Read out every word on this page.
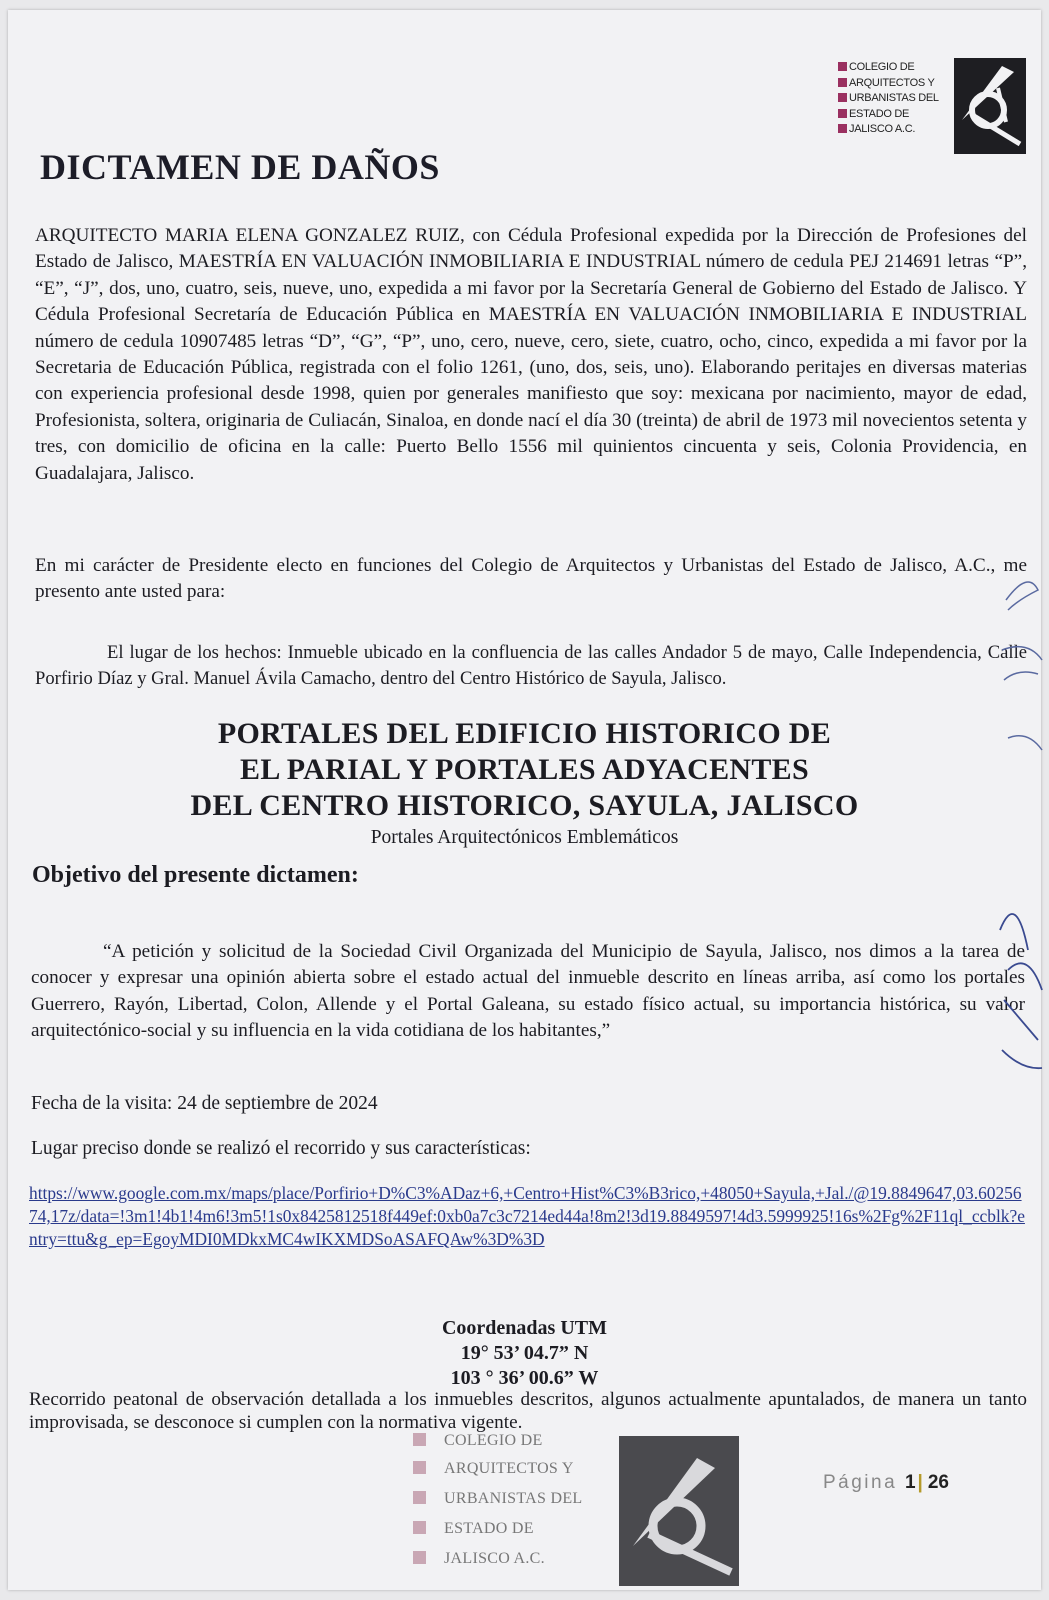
COLEGIO DE
ARQUITECTOS Y
URBANISTAS DEL
ESTADO DE
JALISCO A.C.
DICTAMEN DE DAÑOS

ARQUITECTO MARIA ELENA GONZALEZ RUIZ, con Cédula Profesional expedida por la Dirección de Profesiones del Estado de Jalisco, MAESTRÍA EN VALUACIÓN INMOBILIARIA E INDUSTRIAL número de cedula PEJ 214691 letras “P”, “E”, “J”, dos, uno, cuatro, seis, nueve, uno, expedida a mi favor por la Secretaría General de Gobierno del Estado de Jalisco. Y Cédula Profesional Secretaría de Educación Pública en MAESTRÍA EN VALUACIÓN INMOBILIARIA E INDUSTRIAL número de cedula 10907485 letras “D”, “G”, “P”, uno, cero, nueve, cero, siete, cuatro, ocho, cinco, expedida a mi favor por la Secretaria de Educación Pública, registrada con el folio 1261, (uno, dos, seis, uno). Elaborando peritajes en diversas materias con experiencia profesional desde 1998, quien por generales manifiesto que soy: mexicana por nacimiento, mayor de edad, Profesionista, soltera, originaria de Culiacán, Sinaloa, en donde nací el día 30 (treinta) de abril de 1973 mil novecientos setenta y tres, con domicilio de oficina en la calle: Puerto Bello 1556 mil quinientos cincuenta y seis, Colonia Providencia, en Guadalajara, Jalisco.

En mi carácter de Presidente electo en funciones del Colegio de Arquitectos y Urbanistas del Estado de Jalisco, A.C., me presento ante usted para:

El lugar de los hechos: Inmueble ubicado en la confluencia de las calles Andador 5 de mayo, Calle Independencia, Calle Porfirio Díaz y Gral. Manuel Ávila Camacho, dentro del Centro Histórico de Sayula, Jalisco.

PORTALES DEL EDIFICIO HISTORICO DE

EL PARIAL Y PORTALES ADYACENTES

DEL CENTRO HISTORICO, SAYULA, JALISCO

Portales Arquitectónicos Emblemáticos
Objetivo del presente dictamen:

“A petición y solicitud de la Sociedad Civil Organizada del Municipio de Sayula, Jalisco, nos dimos a la tarea de conocer y expresar una opinión abierta sobre el estado actual del inmueble descrito en líneas arriba, así como los portales Guerrero, Rayón, Libertad, Colon, Allende y el Portal Galeana, su estado físico actual, su importancia histórica, su valor arquitectónico-social y su influencia en la vida cotidiana de los habitantes,”

Fecha de la visita: 24 de septiembre de 2024

Lugar preciso donde se realizó el recorrido y sus características:

https://www.google.com.mx/maps/place/Porfirio+D%C3%ADaz+6,+Centro+Hist%C3%B3rico,+48050+Sayula,+Jal./@19.8849647,03.6025674,17z/data=!3m1!4b1!4m6!3m5!1s0x8425812518f449ef:0xb0a7c3c7214ed44a!8m2!3d19.8849597!4d3.5999925!16s%2Fg%2F11ql_ccblk?entry=ttu&g_ep=EgoyMDI0MDkxMC4wIKXMDSoASAFQAw%3D%3D
Coordenadas UTM
19° 53’ 04.7” N
103 ° 36’ 00.6” W

Recorrido peatonal de observación detallada a los inmuebles descritos, algunos actualmente apuntalados, de manera un tanto improvisada, se desconoce si cumplen con la normativa vigente.

COLEGIO DE
ARQUITECTOS Y
URBANISTAS DEL
ESTADO DE
JALISCO A.C.
Página 1 | 26
